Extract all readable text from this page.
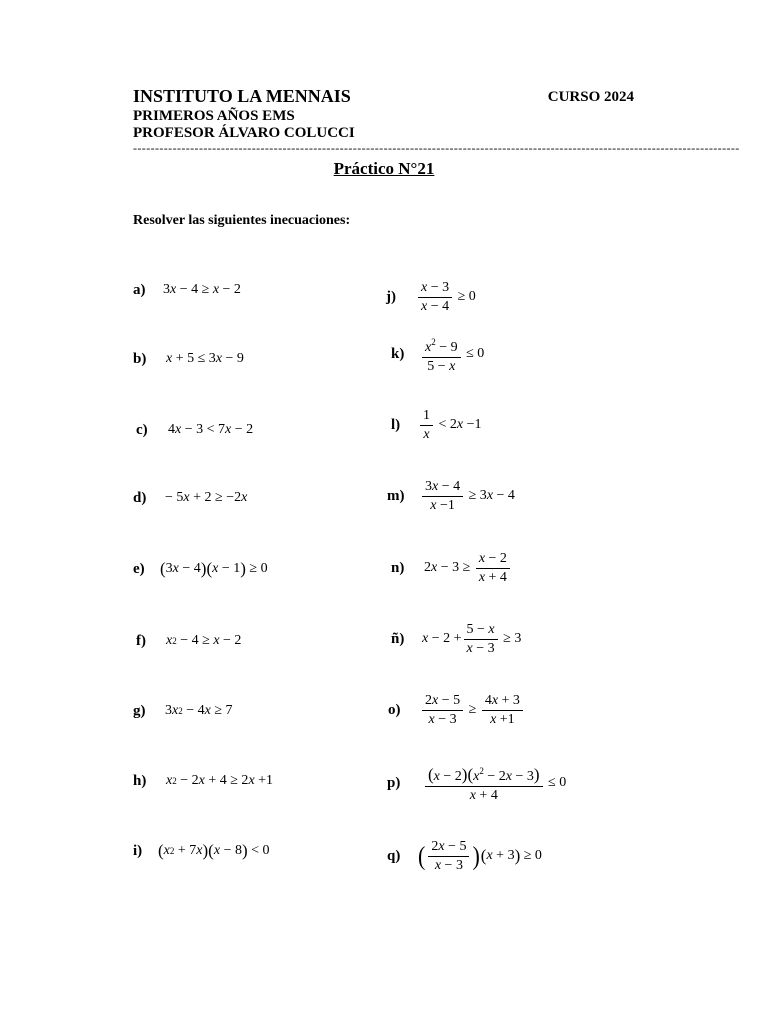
INSTITUTO LA MENNAIS	CURSO 2024
PRIMEROS AÑOS EMS
PROFESOR ÁLVARO COLUCCI
------------------------------------------------------------------------------------------------------------------------------------------
Práctico N°21
Resolver las siguientes inecuaciones:
a)	3 x − 4 ≥ x − 2
b)	x + 5 ≤ 3 x − 9
c)	4 x − 3 < 7 x − 2
d)	− 5 x + 2 ≥ −2 x
e) ( 3 x − 4 )( x − 1 ) ≥ 0
f)	x 2 − 4 ≥ x − 2
g)	3 x 2 − 4 x ≥ 7
h)	x 2 − 2 x + 4 ≥ 2 x +1
i) ( x 2 + 7 x )( x − 8 ) < 0
j)
x − 3
x − 4
≥ 0
k)	$x^2 - 9$
5 − x
≤ 0
l)
1
x
< 2 x −1
m)
3x − 4
x −1
≥ 3 x − 4
n)	2 x − 3 ≥
x − 2
x + 4
ñ)	x − 2 +
5 − x
x − 3
≥ 3
o)
2x − 5
x − 3
≥
4x + 3
x +1
p)	$(x - 2)(x^2 - 2x - 3)$
x + 4
≤ 0
q) ( 2x − 5
x − 3 ) ( x + 3 ) ≥ 0
